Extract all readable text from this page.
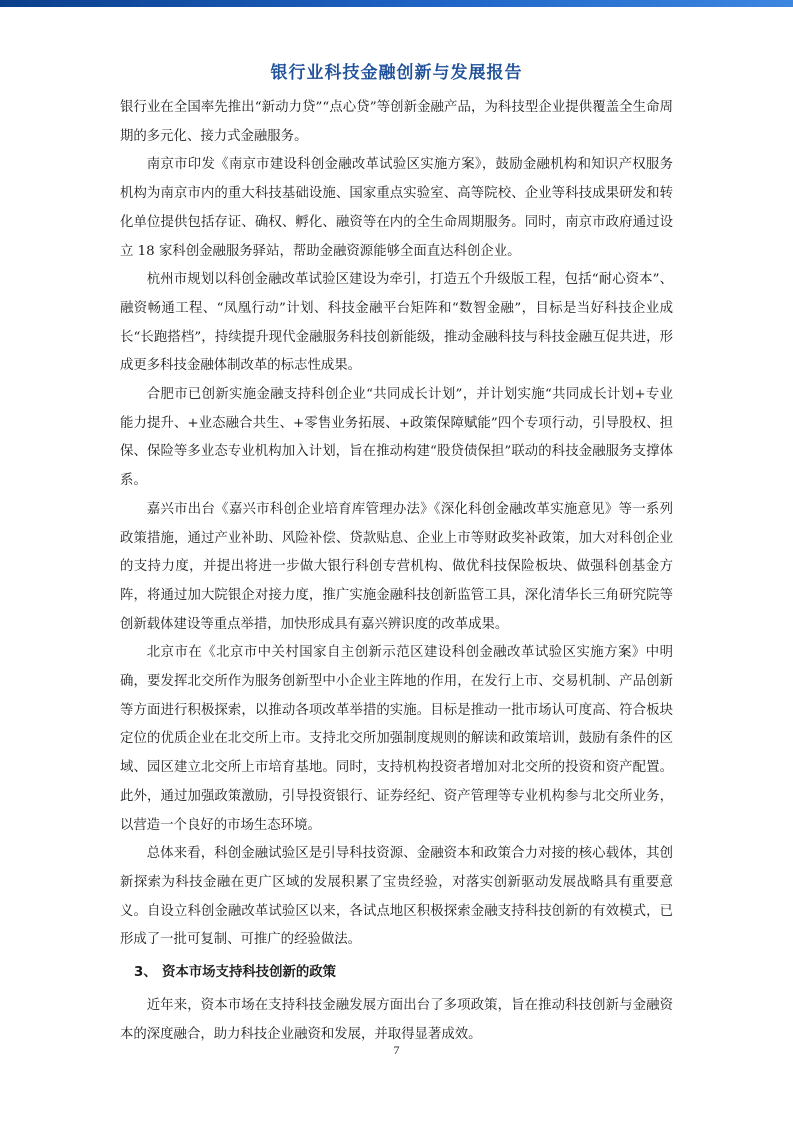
银行业科技金融创新与发展报告

银行业在全国率先推出“新动力贷”“点心贷”等创新金融产品，为科技型企业提供覆盖全生命周期的多元化、接力式金融服务。

南京市印发《南京市建设科创金融改革试验区实施方案》，鼓励金融机构和知识产权服务机构为南京市内的重大科技基础设施、国家重点实验室、高等院校、企业等科技成果研发和转化单位提供包括存证、确权、孵化、融资等在内的全生命周期服务。同时，南京市政府通过设立 18 家科创金融服务驿站，帮助金融资源能够全面直达科创企业。

杭州市规划以科创金融改革试验区建设为牵引，打造五个升级版工程，包括“耐心资本”、融资畅通工程、“凤凰行动”计划、科技金融平台矩阵和“数智金融”，目标是当好科技企业成长“长跑搭档”，持续提升现代金融服务科技创新能级，推动金融科技与科技金融互促共进，形成更多科技金融体制改革的标志性成果。

合肥市已创新实施金融支持科创企业“共同成长计划”，并计划实施“共同成长计划+专业能力提升、+业态融合共生、+零售业务拓展、+政策保障赋能”四个专项行动，引导股权、担保、保险等多业态专业机构加入计划，旨在推动构建“股贷债保担”联动的科技金融服务支撑体系。

嘉兴市出台《嘉兴市科创企业培育库管理办法》《深化科创金融改革实施意见》等一系列政策措施，通过产业补助、风险补偿、贷款贴息、企业上市等财政奖补政策，加大对科创企业的支持力度，并提出将进一步做大银行科创专营机构、做优科技保险板块、做强科创基金方阵，将通过加大院银企对接力度，推广实施金融科技创新监管工具，深化清华长三角研究院等创新载体建设等重点举措，加快形成具有嘉兴辨识度的改革成果。

北京市在《北京市中关村国家自主创新示范区建设科创金融改革试验区实施方案》中明确，要发挥北交所作为服务创新型中小企业主阵地的作用，在发行上市、交易机制、产品创新等方面进行积极探索，以推动各项改革举措的实施。目标是推动一批市场认可度高、符合板块定位的优质企业在北交所上市。支持北交所加强制度规则的解读和政策培训，鼓励有条件的区域、园区建立北交所上市培育基地。同时，支持机构投资者增加对北交所的投资和资产配置。此外，通过加强政策激励，引导投资银行、证券经纪、资产管理等专业机构参与北交所业务，以营造一个良好的市场生态环境。

总体来看，科创金融试验区是引导科技资源、金融资本和政策合力对接的核心载体，其创新探索为科技金融在更广区域的发展积累了宝贵经验，对落实创新驱动发展战略具有重要意义。自设立科创金融改革试验区以来，各试点地区积极探索金融支持科技创新的有效模式，已形成了一批可复制、可推广的经验做法。

3、 资本市场支持科技创新的政策

近年来，资本市场在支持科技金融发展方面出台了多项政策，旨在推动科技创新与金融资本的深度融合，助力科技企业融资和发展，并取得显著成效。

7
